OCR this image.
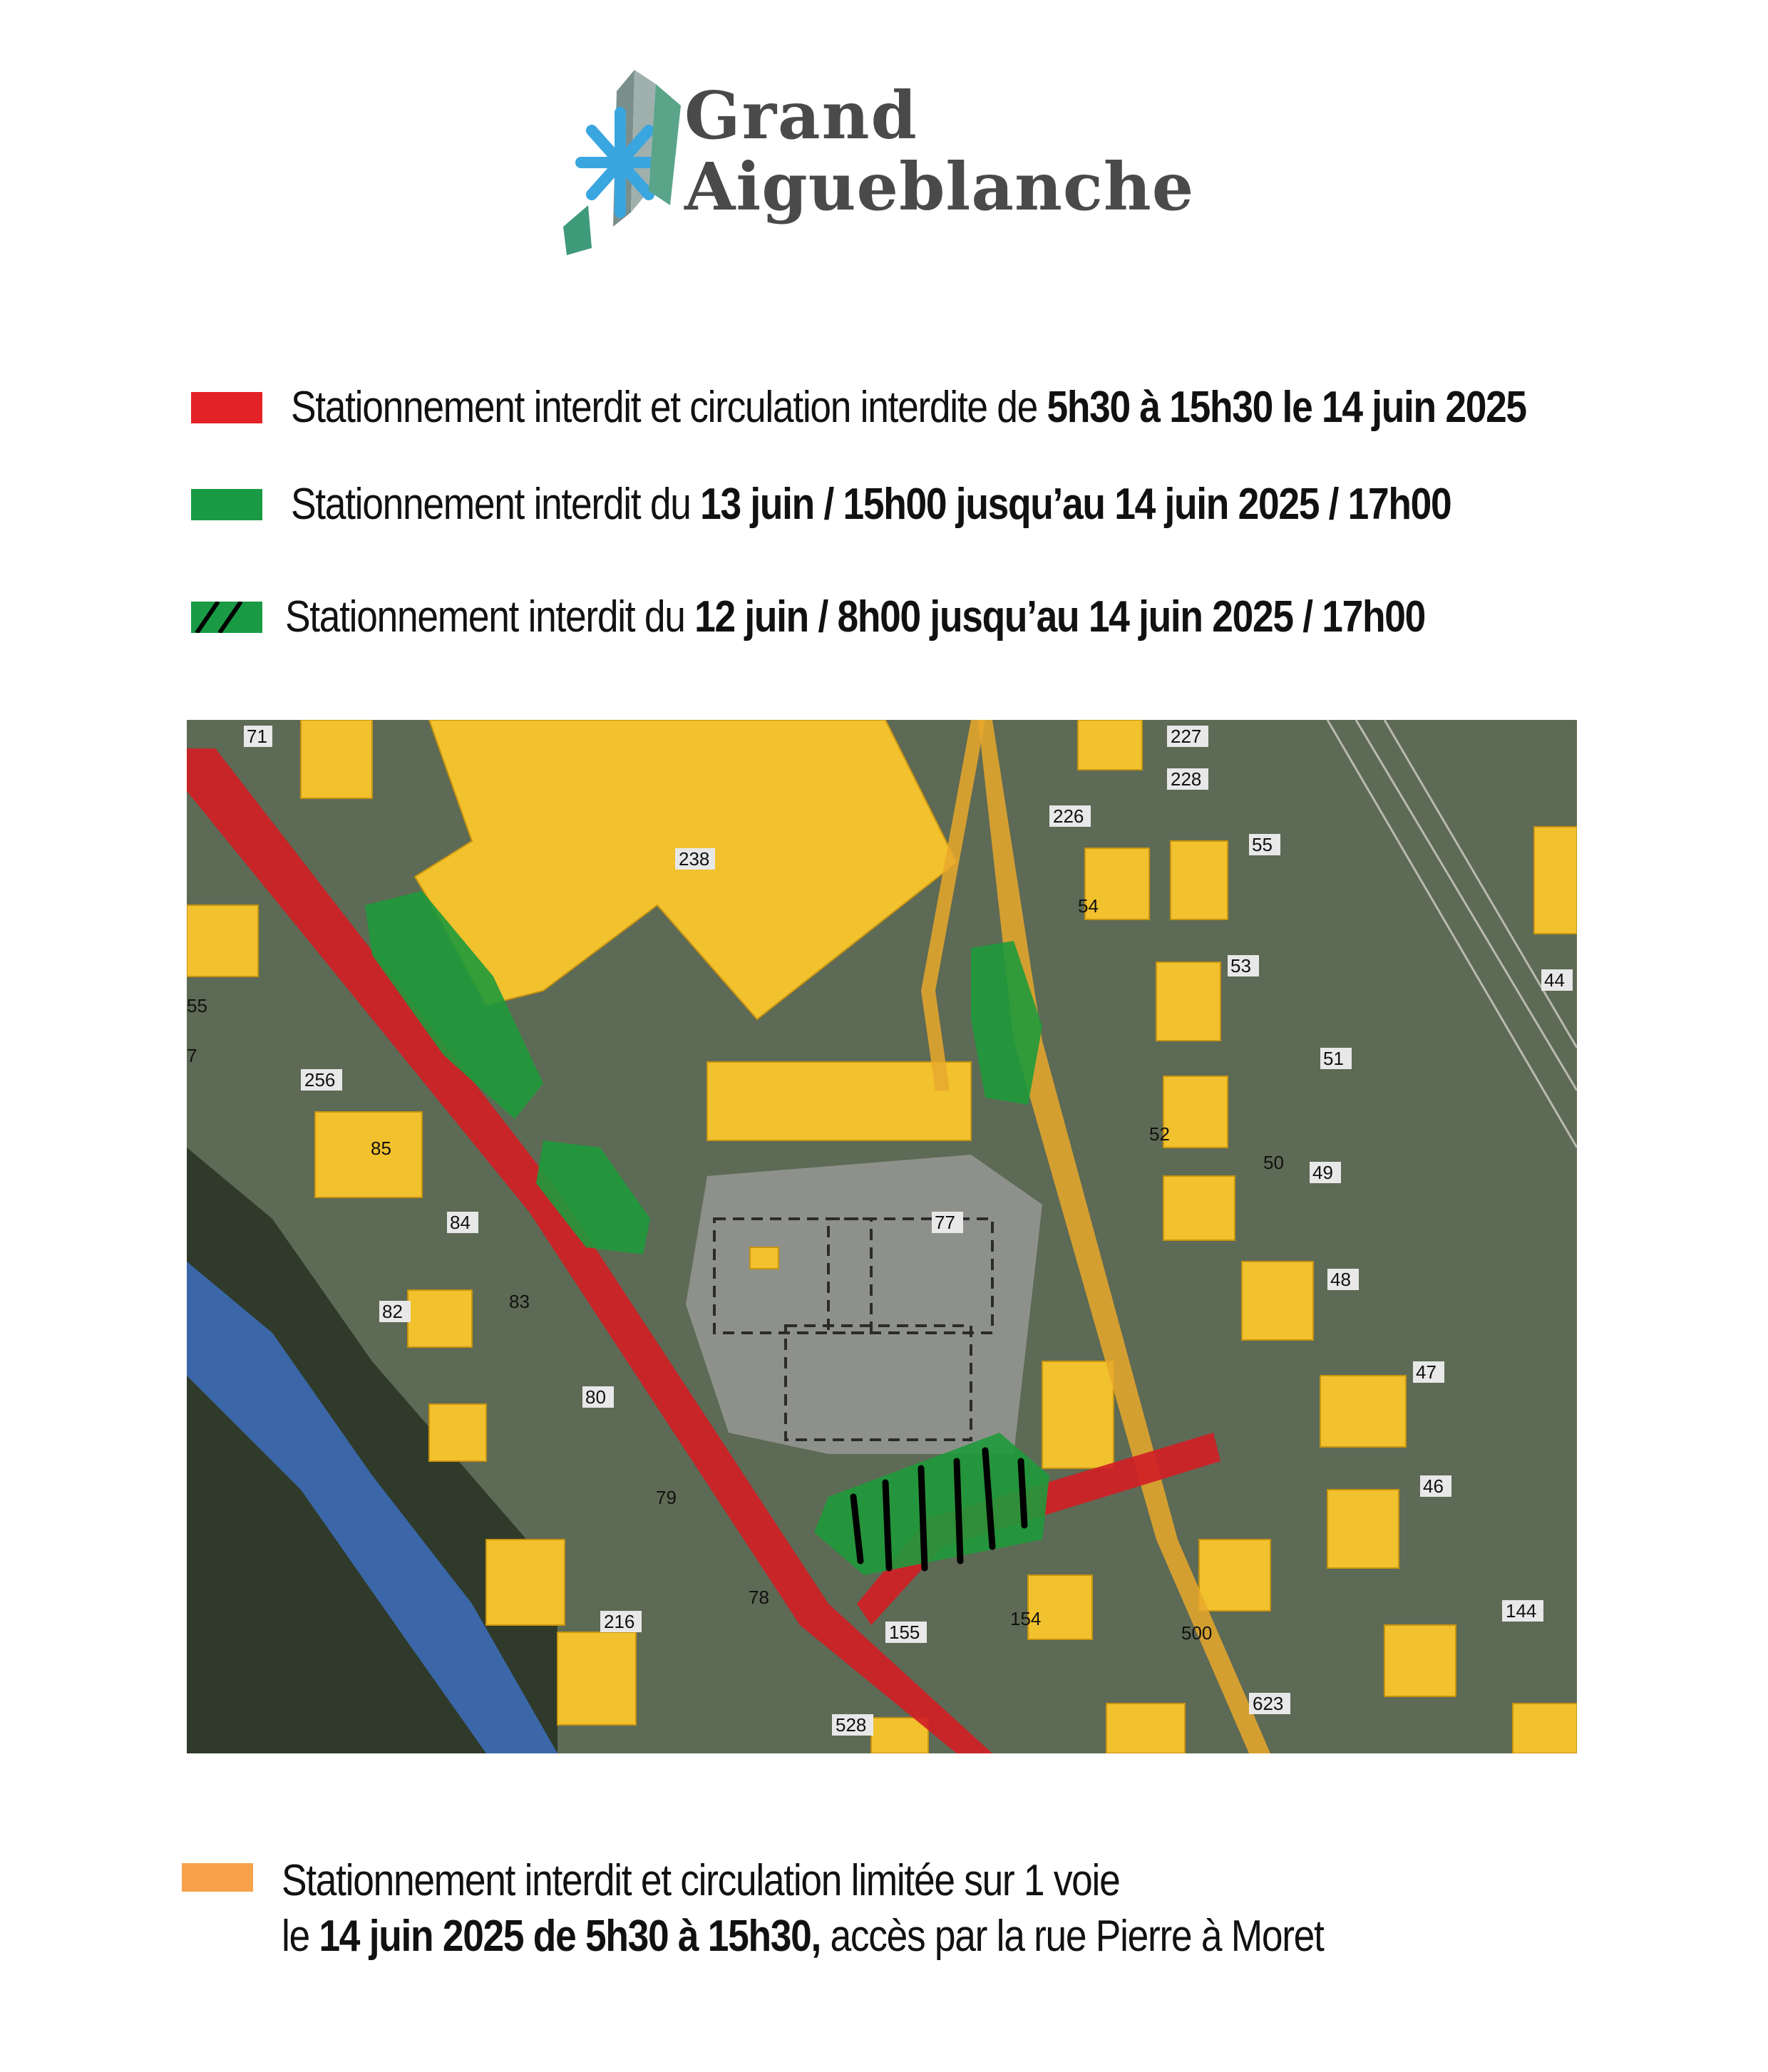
Grand
Aigueblanche
Stationnement interdit et circulation interdite de 5h30 à 15h30 le 14 juin 2025
Stationnement interdit du 13 juin / 15h00 jusqu’au 14 juin 2025 / 17h00
Stationnement interdit du 12 juin / 8h00 jusqu’au 14 juin 2025 / 17h00
71
238
227
228
226
55
54
53
51
52
50 49
48
47
46
44
55
7
256
85
84
83
82
80
79
78
77
216	155
154
500
623
528
144
Stationnement interdit et circulation limitée sur 1 voie
le 14 juin 2025 de 5h30 à 15h30, accès par la rue Pierre à Moret
